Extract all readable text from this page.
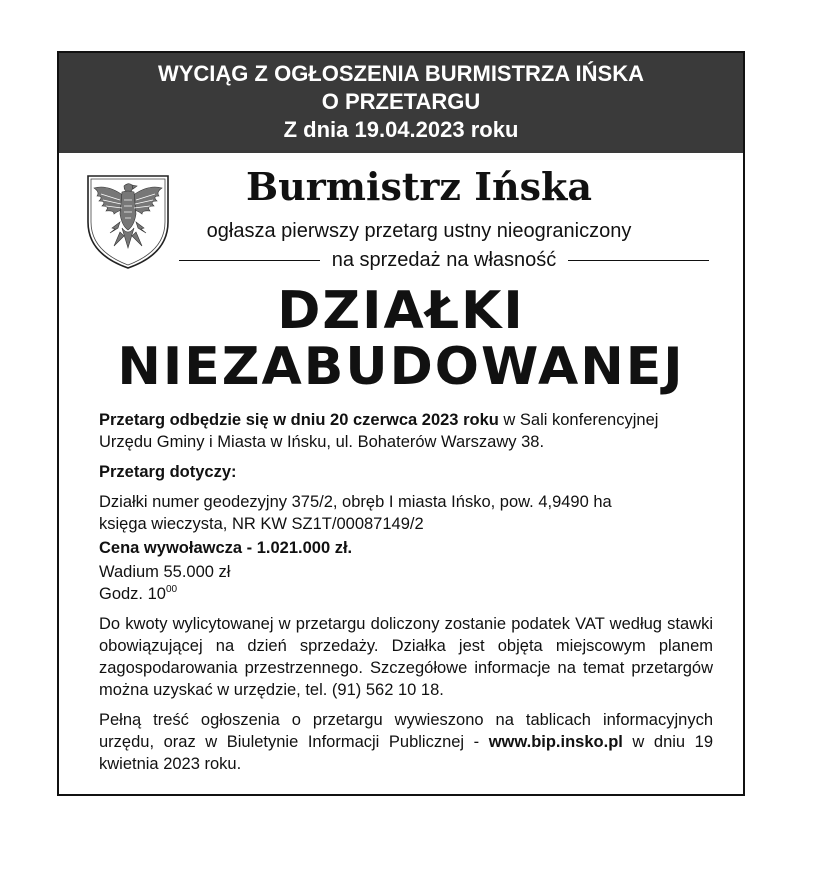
WYCIĄG Z OGŁOSZENIA BURMISTRZA IŃSKA
O PRZETARGU
Z dnia 19.04.2023 roku
Burmistrz Ińska
ogłasza pierwszy przetarg ustny nieograniczony
na sprzedaż na własność
DZIAŁKI
NIEZABUDOWANEJ

Przetarg odbędzie się w dniu 20 czerwca 2023 roku w Sali konferencyjnej Urzędu Gminy i Miasta w Ińsku, ul. Bohaterów Warszawy 38.

Przetarg dotyczy:

Działki numer geodezyjny 375/2, obręb I miasta Ińsko, pow. 4,9490 ha

księga wieczysta, NR KW SZ1T/00087149/2

Cena wywoławcza - 1.021.000 zł.

Wadium 55.000 zł

Godz. $10^{00}$

Do kwoty wylicytowanej w przetargu doliczony zostanie podatek VAT według stawki obowiązującej na dzień sprzedaży. Działka jest objęta miejscowym planem zagospodarowania przestrzennego. Szczegółowe informacje na temat przetargów można uzyskać w urzędzie, tel. (91) 562 10 18.

Pełną treść ogłoszenia o przetargu wywieszono na tablicach informacyjnych urzędu, oraz w Biuletynie Informacji Publicznej - www.bip.insko.pl w dniu 19 kwietnia 2023 roku.
